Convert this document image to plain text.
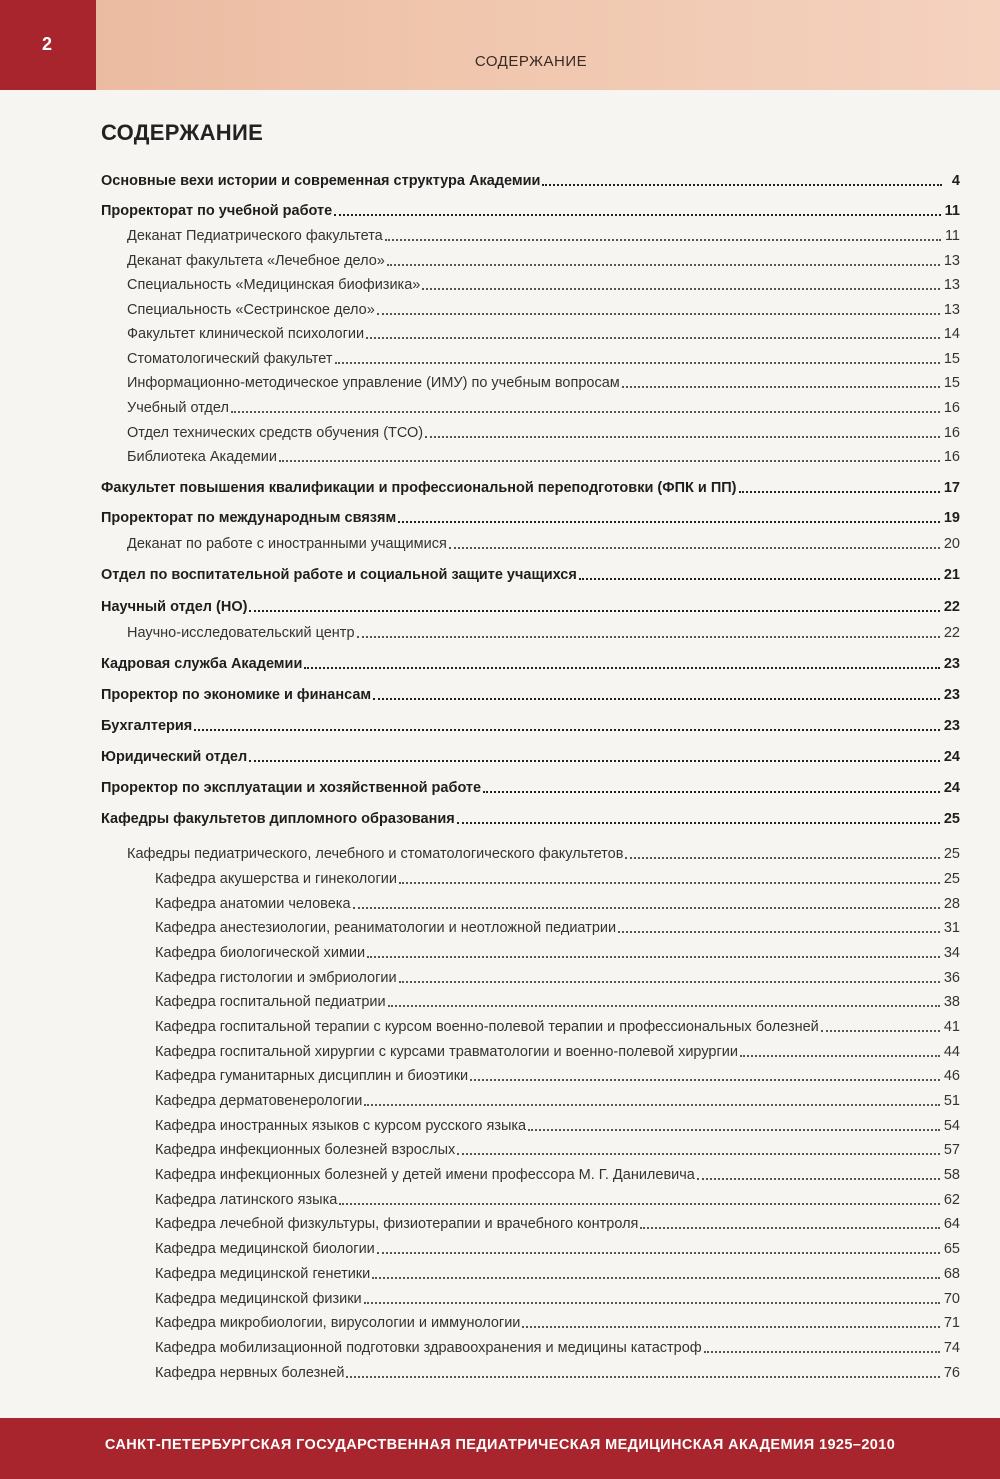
2
СОДЕРЖАНИЕ
СОДЕРЖАНИЕ
Основные вехи истории и современная структура Академии	4
Проректорат по учебной работе	11
Деканат Педиатрического факультета	11
Деканат факультета «Лечебное дело»	13
Специальность «Медицинская биофизика»	13
Специальность «Сестринское дело»	13
Факультет клинической психологии	14
Стоматологический факультет	15
Информационно-методическое управление (ИМУ) по учебным вопросам	15
Учебный отдел	16
Отдел технических средств обучения (ТСО)	16
Библиотека Академии	16
Факультет повышения квалификации и профессиональной переподготовки (ФПК и ПП)	17
Проректорат по международным связям	19
Деканат по работе с иностранными учащимися	20
Отдел по воспитательной работе и социальной защите учащихся	21
Научный отдел (НО)	22
Научно-исследовательский центр	22
Кадровая служба Академии	23
Проректор по экономике и финансам	23
Бухгалтерия	23
Юридический отдел	24
Проректор по эксплуатации и хозяйственной работе	24
Кафедры факультетов дипломного образования	25
Кафедры педиатрического, лечебного и стоматологического факультетов	25
Кафедра акушерства и гинекологии	25
Кафедра анатомии человека	28
Кафедра анестезиологии, реаниматологии и неотложной педиатрии	31
Кафедра биологической химии	34
Кафедра гистологии и эмбриологии	36
Кафедра госпитальной педиатрии	38
Кафедра госпитальной терапии с курсом военно-полевой терапии и профессиональных болезней	41
Кафедра госпитальной хирургии с курсами травматологии и военно-полевой хирургии	44
Кафедра гуманитарных дисциплин и биоэтики	46
Кафедра дерматовенерологии	51
Кафедра иностранных языков с курсом русского языка	54
Кафедра инфекционных болезней взрослых	57
Кафедра инфекционных болезней у детей имени профессора М. Г. Данилевича	58
Кафедра латинского языка	62
Кафедра лечебной физкультуры, физиотерапии и врачебного контроля	64
Кафедра медицинской биологии	65
Кафедра медицинской генетики	68
Кафедра медицинской физики	70
Кафедра микробиологии, вирусологии и иммунологии	71
Кафедра мобилизационной подготовки здравоохранения и медицины катастроф	74
Кафедра нервных болезней	76
САНКТ-ПЕТЕРБУРГСКАЯ ГОСУДАРСТВЕННАЯ ПЕДИАТРИЧЕСКАЯ МЕДИЦИНСКАЯ АКАДЕМИЯ 1925–2010
